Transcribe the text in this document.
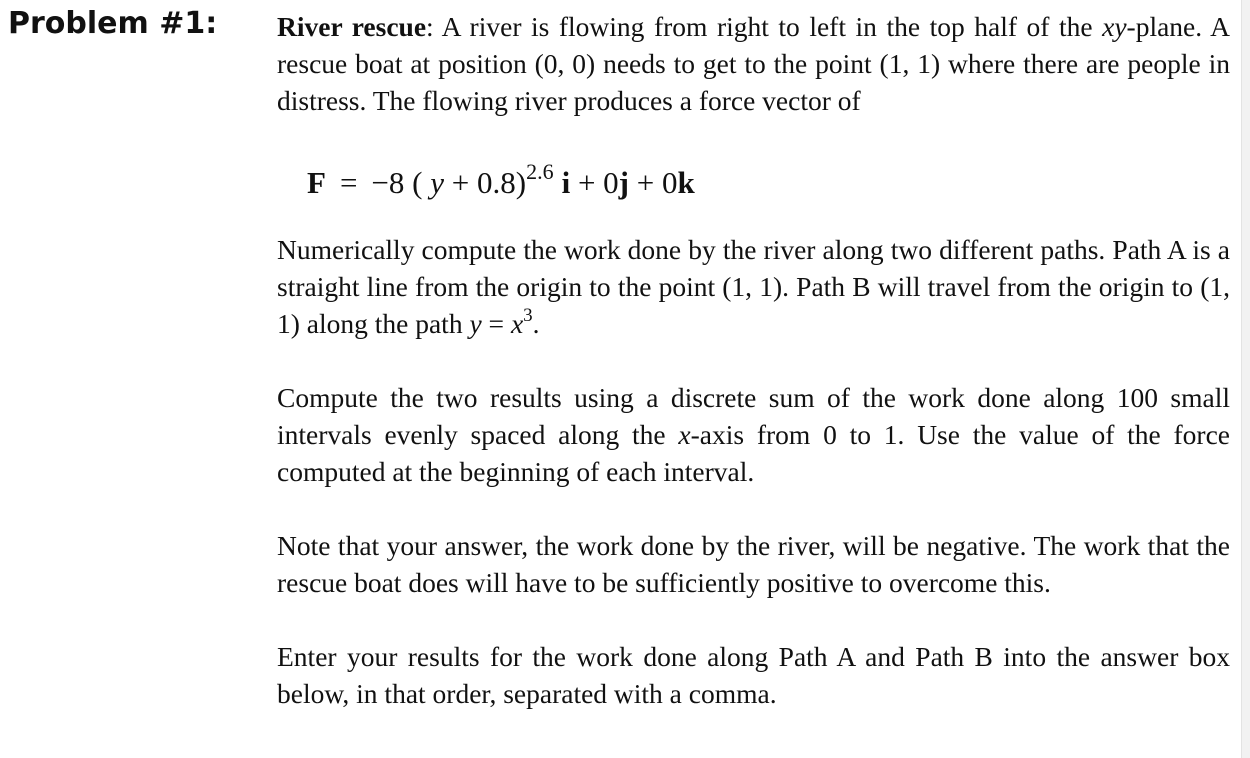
Problem #1: River rescue: A river is flowing from right to left in the top half of the xy-plane. A rescue boat at position (0, 0) needs to get to the point (1, 1) where there are people in distress. The flowing river produces a force vector of

F = −8 ( y + 0.8)$^{2.6}$ i + 0j + 0k

Numerically compute the work done by the river along two different paths. Path A is a straight line from the origin to the point (1, 1). Path B will travel from the origin to (1, 1) along the path $y = x^3$.

Compute the two results using a discrete sum of the work done along 100 small intervals evenly spaced along the x-axis from 0 to 1. Use the value of the force computed at the beginning of each interval.

Note that your answer, the work done by the river, will be negative. The work that the rescue boat does will have to be sufficiently positive to overcome this.

Enter your results for the work done along Path A and Path B into the answer box below, in that order, separated with a comma.
